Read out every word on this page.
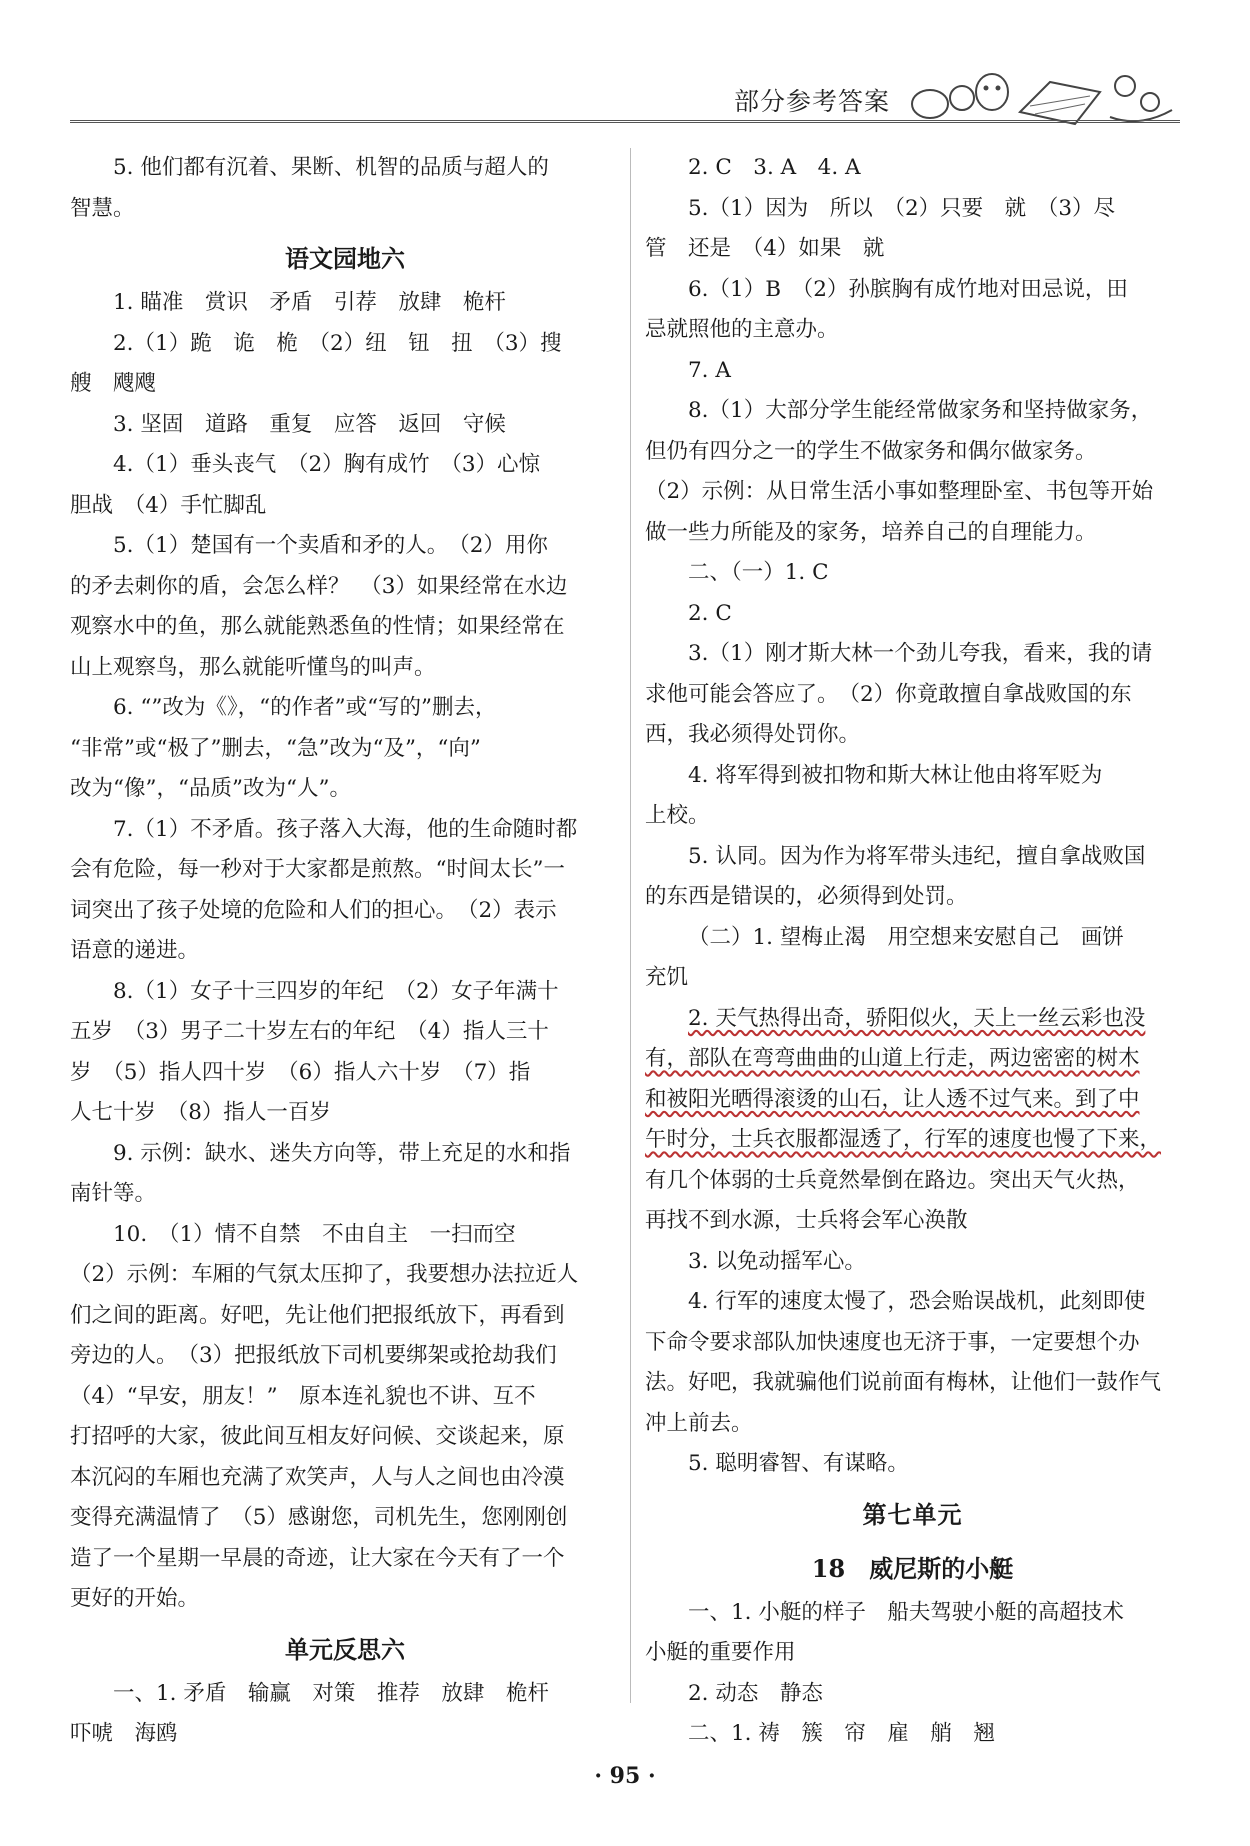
部分参考答案
5. 他们都有沉着、果断、机智的品质与超人的
智慧。
语文园地六
1. 瞄准　赏识　矛盾　引荐　放肆　桅杆
2.（1）跪　诡　桅　（2）纽　钮　扭　（3）搜
艘　飕飕
3. 坚固　道路　重复　应答　返回　守候
4.（1）垂头丧气　（2）胸有成竹　（3）心惊
胆战　（4）手忙脚乱
5.（1）楚国有一个卖盾和矛的人。　（2）用你
的矛去刺你的盾，会怎么样？　（3）如果经常在水边
观察水中的鱼，那么就能熟悉鱼的性情；如果经常在
山上观察鸟，那么就能听懂鸟的叫声。
6. “”改为《》，“的作者”或“写的”删去，
“非常”或“极了”删去，“急”改为“及”，“向”
改为“像”，“品质”改为“人”。
7.（1）不矛盾。孩子落入大海，他的生命随时都
会有危险，每一秒对于大家都是煎熬。“时间太长”一
词突出了孩子处境的危险和人们的担心。　（2）表示
语意的递进。
8.（1）女子十三四岁的年纪　（2）女子年满十
五岁　（3）男子二十岁左右的年纪　（4）指人三十
岁　（5）指人四十岁　（6）指人六十岁　（7）指
人七十岁　（8）指人一百岁
9. 示例：缺水、迷失方向等，带上充足的水和指
南针等。
10.　（1）情不自禁　不由自主　一扫而空
（2）示例：车厢的气氛太压抑了，我要想办法拉近人
们之间的距离。好吧，先让他们把报纸放下，再看到
旁边的人。　（3）把报纸放下司机要绑架或抢劫我们
（4）“早安，朋友！”　原本连礼貌也不讲、互不
打招呼的大家，彼此间互相友好问候、交谈起来，原
本沉闷的车厢也充满了欢笑声，人与人之间也由冷漠
变得充满温情了　（5）感谢您，司机先生，您刚刚创
造了一个星期一早晨的奇迹，让大家在今天有了一个
更好的开始。
单元反思六
一、1. 矛盾　输赢　对策　推荐　放肆　桅杆
吓唬　海鸥
2. C　3. A　4. A
5.（1）因为　所以　（2）只要　就　（3）尽
管　还是　（4）如果　就
6.（1）B　（2）孙膑胸有成竹地对田忌说，田
忌就照他的主意办。
7. A
8.（1）大部分学生能经常做家务和坚持做家务，
但仍有四分之一的学生不做家务和偶尔做家务。
（2）示例：从日常生活小事如整理卧室、书包等开始
做一些力所能及的家务，培养自己的自理能力。
二、（一）1. C
2. C
3.（1）刚才斯大林一个劲儿夸我，看来，我的请
求他可能会答应了。　（2）你竟敢擅自拿战败国的东
西，我必须得处罚你。
4. 将军得到被扣物和斯大林让他由将军贬为
上校。
5. 认同。因为作为将军带头违纪，擅自拿战败国
的东西是错误的，必须得到处罚。
（二）1. 望梅止渴　用空想来安慰自己　画饼
充饥
2. 天气热得出奇，骄阳似火，天上一丝云彩也没
有，部队在弯弯曲曲的山道上行走，两边密密的树木
和被阳光晒得滚烫的山石，让人透不过气来。到了中
午时分，士兵衣服都湿透了，行军的速度也慢了下来，
有几个体弱的士兵竟然晕倒在路边。突出天气火热，
再找不到水源，士兵将会军心涣散
3. 以免动摇军心。
4. 行军的速度太慢了，恐会贻误战机，此刻即使
下命令要求部队加快速度也无济于事，一定要想个办
法。好吧，我就骗他们说前面有梅林，让他们一鼓作气
冲上前去。
5. 聪明睿智、有谋略。
第七单元
18　威尼斯的小艇
一、1. 小艇的样子　船夫驾驶小艇的高超技术
小艇的重要作用
2. 动态　静态
二、1. 祷　簇　帘　雇　艄　翘
· 95 ·
